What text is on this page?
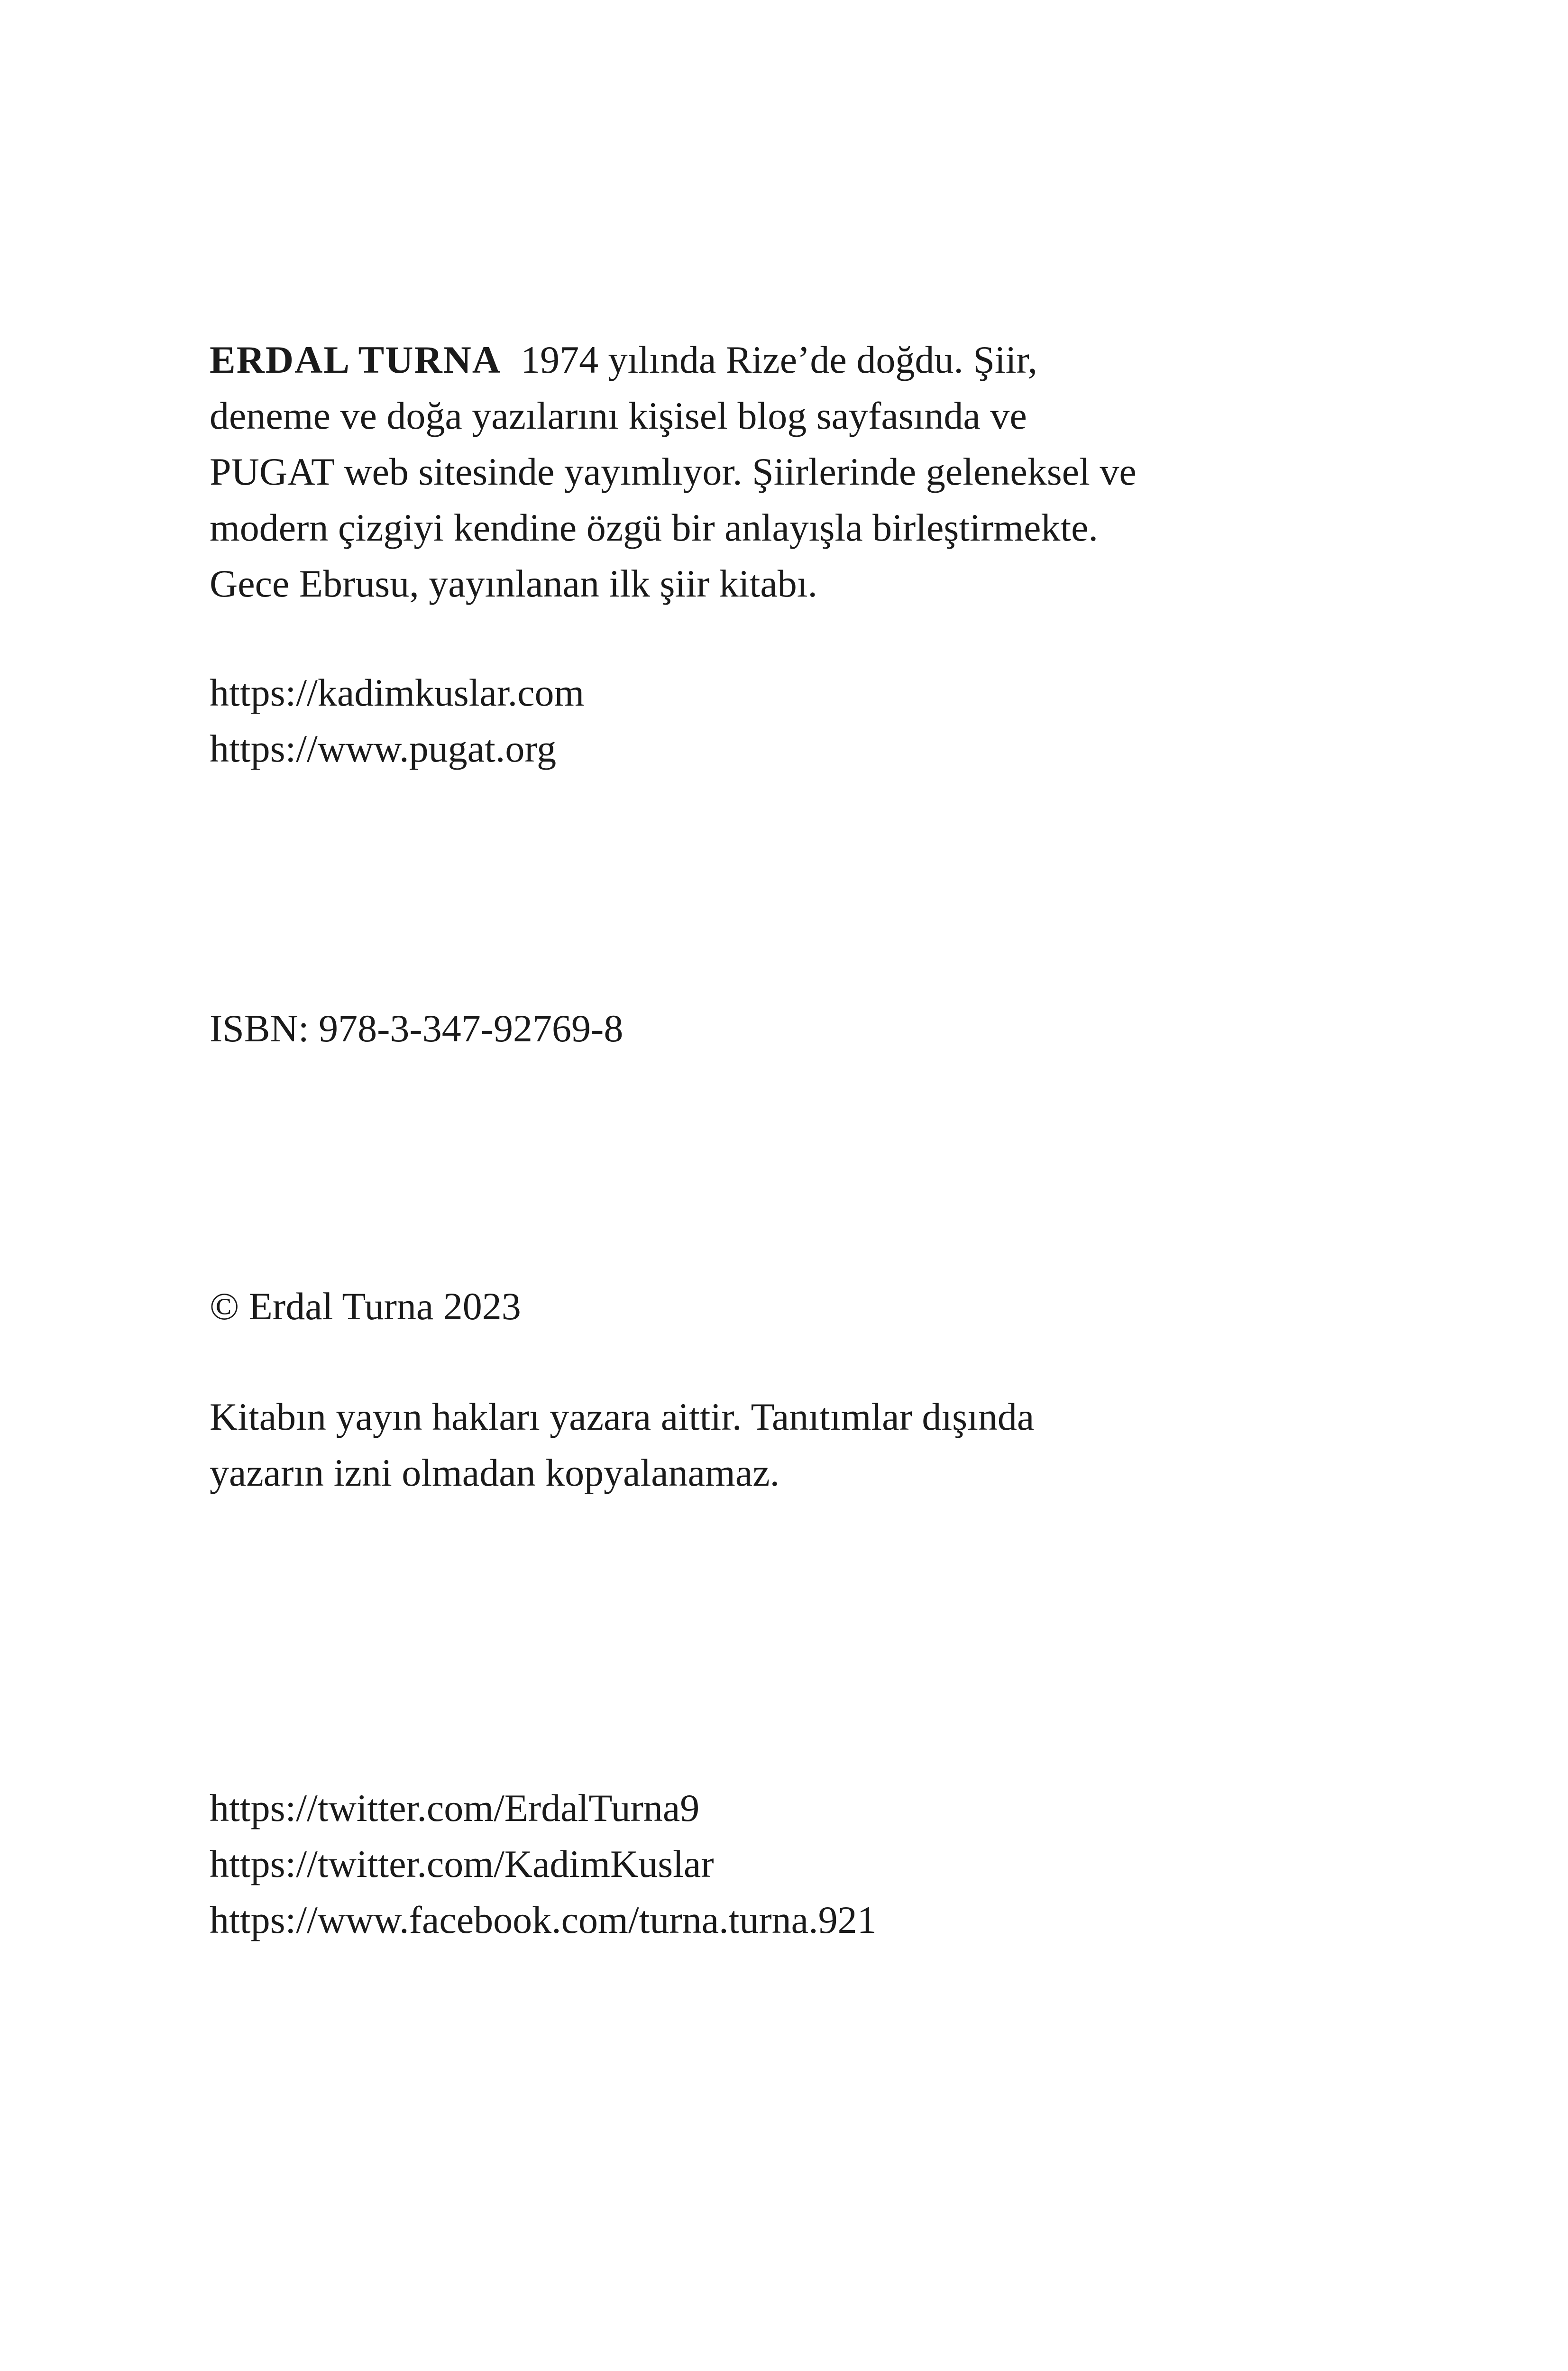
ERDAL TURNA 1974 yılında Rize’de doğdu. Şiir,
deneme ve doğa yazılarını kişisel blog sayfasında ve
PUGAT web sitesinde yayımlıyor. Şiirlerinde geleneksel ve
modern çizgiyi kendine özgü bir anlayışla birleştirmekte.
Gece Ebrusu, yayınlanan ilk şiir kitabı.
https://kadimkuslar.com
https://www.pugat.org
ISBN: 978-3-347-92769-8
© Erdal Turna 2023
Kitabın yayın hakları yazara aittir. Tanıtımlar dışında
yazarın izni olmadan kopyalanamaz.
https://twitter.com/ErdalTurna9
https://twitter.com/KadimKuslar
https://www.facebook.com/turna.turna.921
